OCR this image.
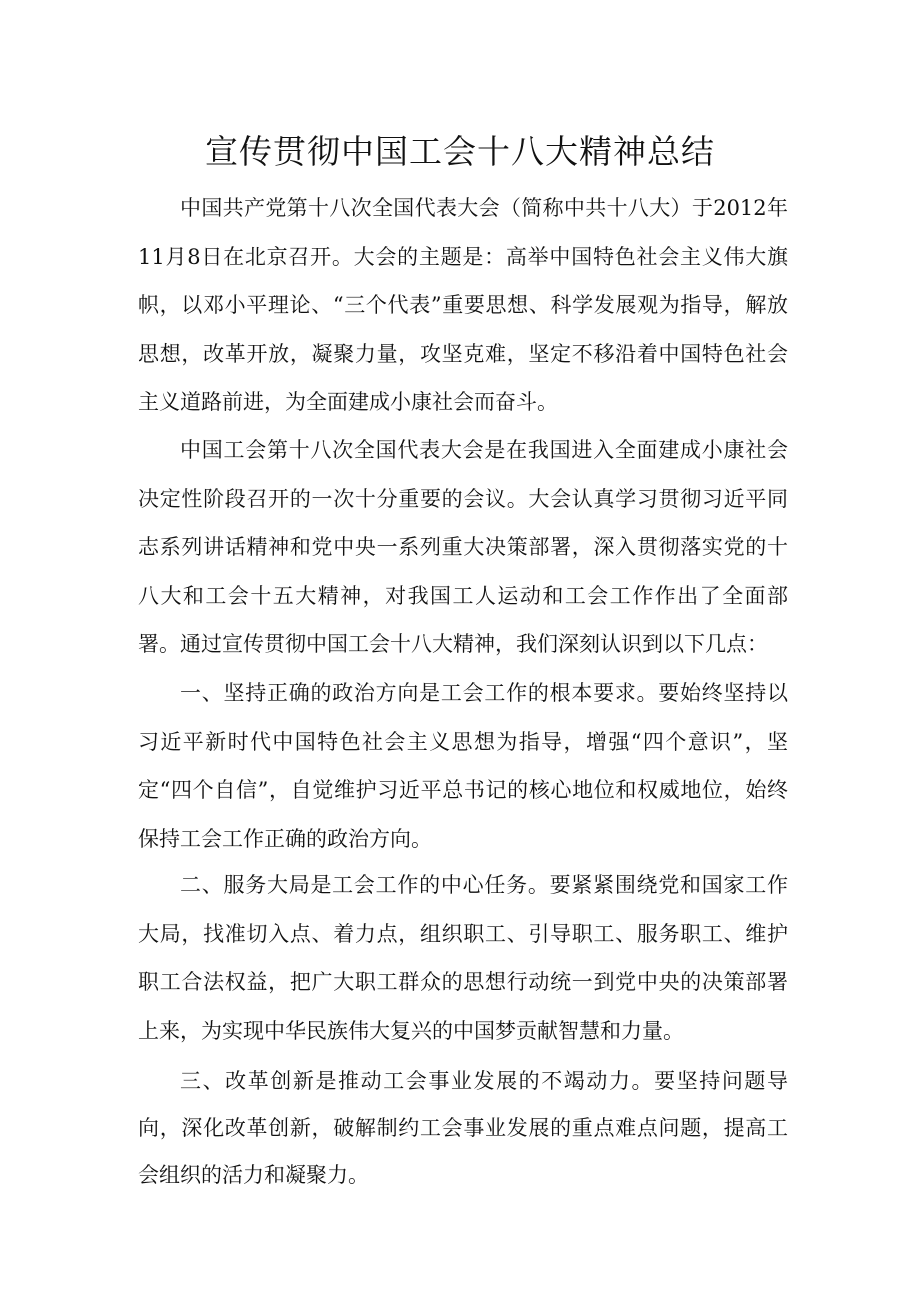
宣传贯彻中国工会十八大精神总结

中国共产党第十八次全国代表大会（简称中共十八大）于2012年11月8日在北京召开。大会的主题是：高举中国特色社会主义伟大旗帜，以邓小平理论、“三个代表”重要思想、科学发展观为指导，解放思想，改革开放，凝聚力量，攻坚克难，坚定不移沿着中国特色社会主义道路前进，为全面建成小康社会而奋斗。

中国工会第十八次全国代表大会是在我国进入全面建成小康社会决定性阶段召开的一次十分重要的会议。大会认真学习贯彻习近平同志系列讲话精神和党中央一系列重大决策部署，深入贯彻落实党的十八大和工会十五大精神，对我国工人运动和工会工作作出了全面部署。 通过宣传贯彻中国工会十八大精神，我们深刻认识到以下几点：

一、坚持正确的政治方向是工会工作的根本要求。要始终坚持以习近平新时代中国特色社会主义思想为指导，增强“四个意识”，坚定“四个自信”，自觉维护习近平总书记的核心地位和权威地位，始终保持工会工作正确的政治方向。

二、服务大局是工会工作的中心任务。要紧紧围绕党和国家工作大局，找准切入点、着力点，组织职工、引导职工、服务职工、维护职工合法权益，把广大职工群众的思想行动统一到党中央的决策部署上来，为实现中华民族伟大复兴的中国梦贡献智慧和力量。

三、改革创新是推动工会事业发展的不竭动力。要坚持问题导向，深化改革创新，破解制约工会事业发展的重点难点问题，提高工会组织的活力和凝聚力。
